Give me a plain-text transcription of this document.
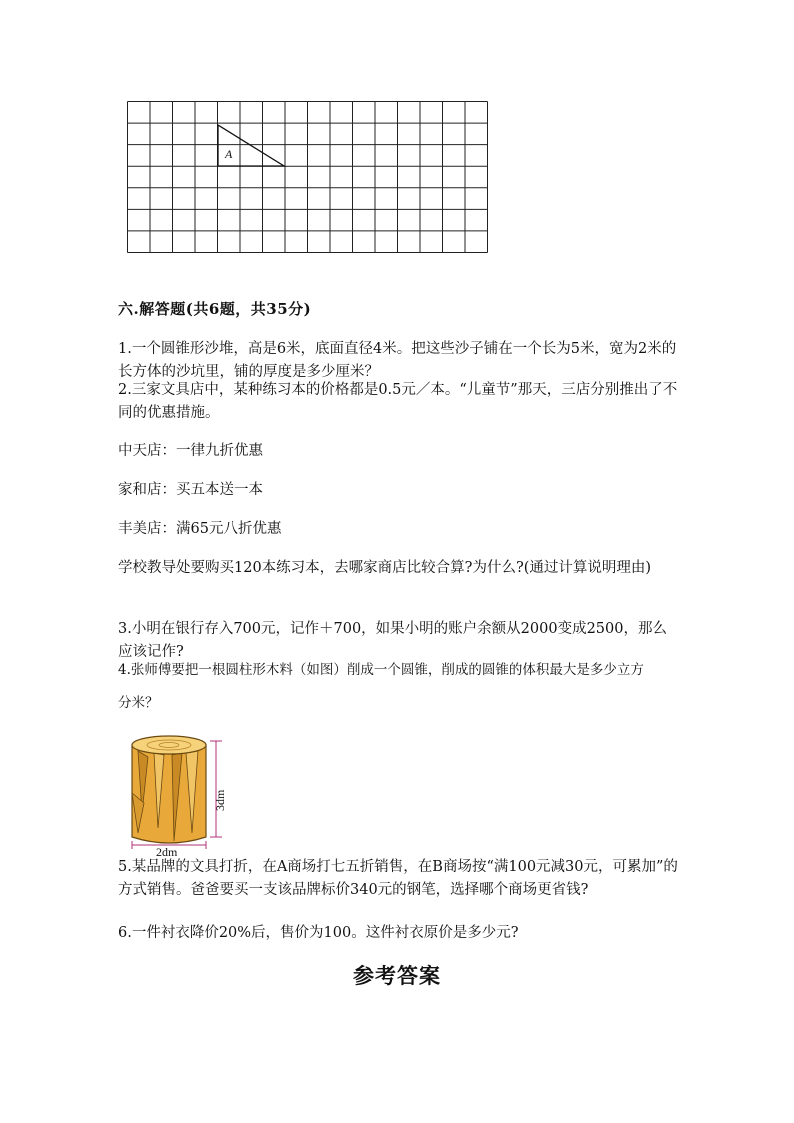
A
六.解答题(共6题，共35分)
1.一个圆锥形沙堆，高是6米，底面直径4米。把这些沙子铺在一个长为5米，宽为2米的长方体的沙坑里，铺的厚度是多少厘米？
2.三家文具店中，某种练习本的价格都是0.5元／本。“儿童节”那天，三店分别推出了不同的优惠措施。
中天店：一律九折优惠
家和店：买五本送一本
丰美店：满65元八折优惠
学校教导处要购买120本练习本，去哪家商店比较合算?为什么?(通过计算说明理由)
3.小明在银行存入700元，记作＋700，如果小明的账户余额从2000变成2500，那么应该记作?
4.张师傅要把一根圆柱形木料（如图）削成一个圆锥，削成的圆锥的体积最大是多少立方
分米？
3dm
2dm
5.某品牌的文具打折，在A商场打七五折销售，在B商场按“满100元减30元，可累加”的方式销售。爸爸要买一支该品牌标价340元的钢笔，选择哪个商场更省钱?
6.一件衬衣降价20%后，售价为100。这件衬衣原价是多少元?
参考答案
